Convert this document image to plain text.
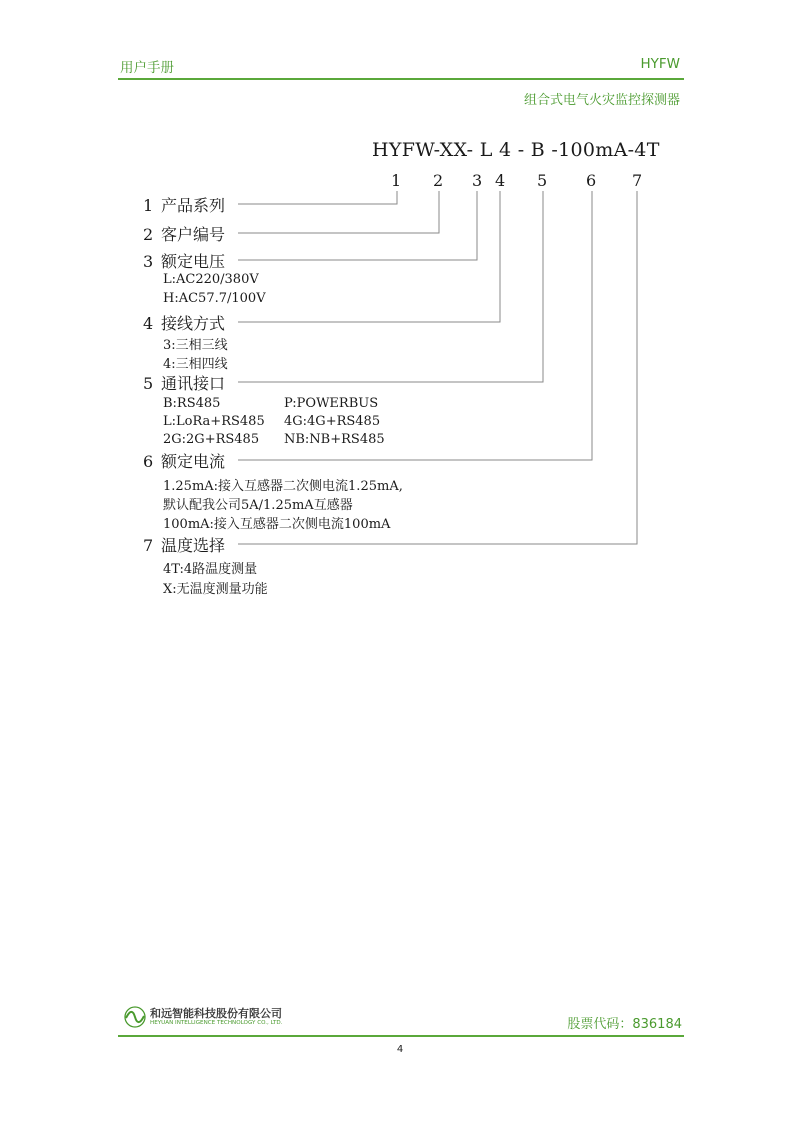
用户手册	HYFW
组合式电气火灾监控探测器
HYFW-XX- L 4 - B -100mA-4T
1 2 3 4 5 6 7
1 产品系列
2 客户编号
3 额定电压
L:AC220/380V
H:AC57.7/100V
4 接线方式
3:三相三线
4:三相四线
5 通讯接口
B:RS485	P:POWERBUS
L:LoRa+RS485 4G:4G+RS485
2G:2G+RS485 NB:NB+RS485
6 额定电流
1.25mA:接入互感器二次侧电流1.25mA,
默认配我公司5A/1.25mA互感器
100mA:接入互感器二次侧电流100mA
7 温度选择
4T:4路温度测量
X:无温度测量功能
和远智能科技股份有限公司
HEYUAN INTELLIGENCE TECHNOLOGY CO., LTD.	股票代码：836184
4
